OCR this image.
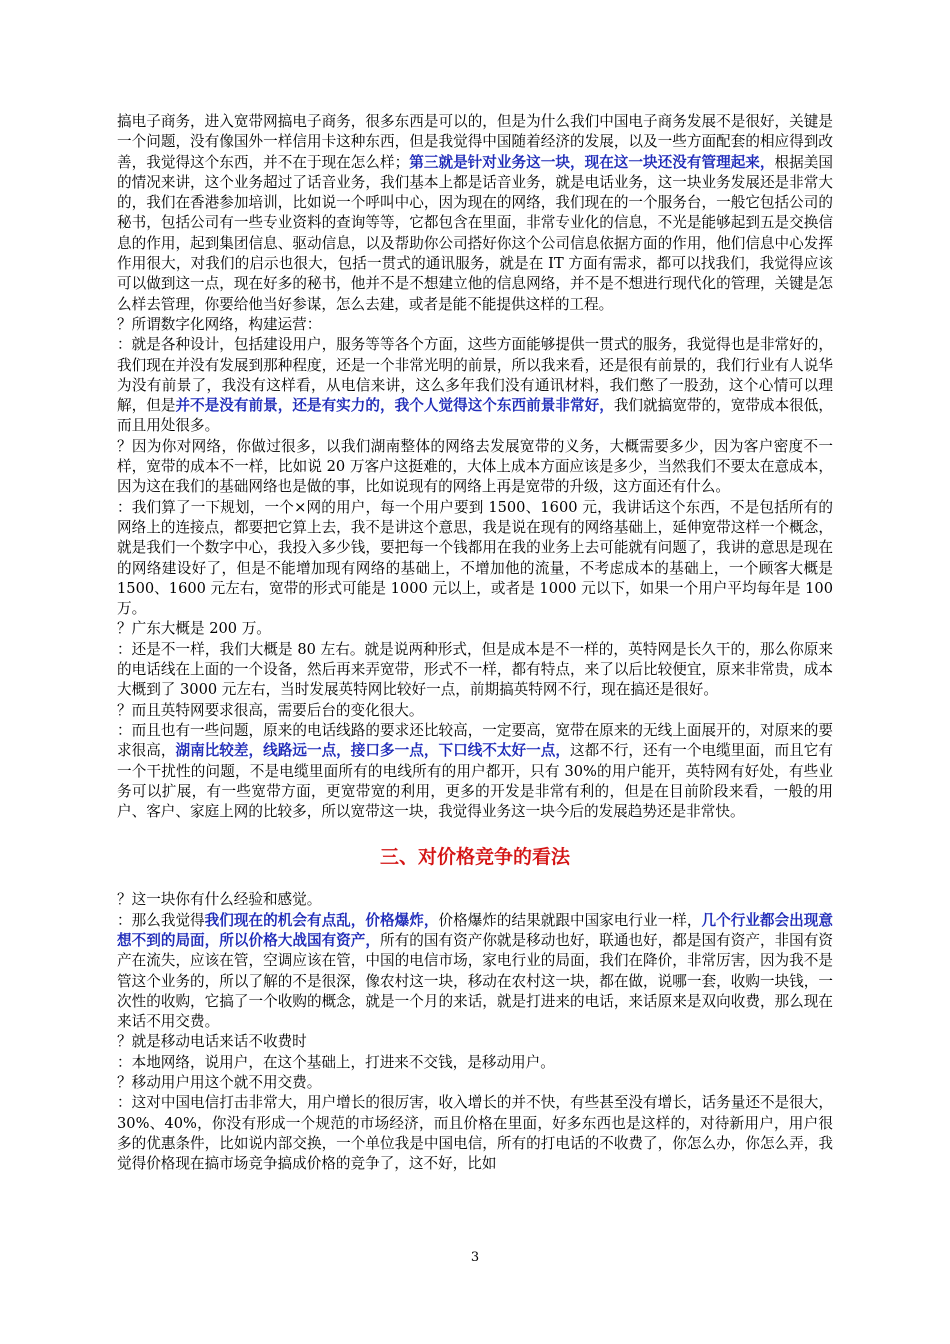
搞电子商务，进入宽带网搞电子商务，很多东西是可以的，但是为什么我们中国电子商务发展不是很好，关键是一个问题，没有像国外一样信用卡这种东西，但是我觉得中国随着经济的发展，以及一些方面配套的相应得到改善，我觉得这个东西，并不在于现在怎么样；第三就是针对业务这一块，现在这一块还没有管理起来，根据美国的情况来讲，这个业务超过了话音业务，我们基本上都是话音业务，就是电话业务，这一块业务发展还是非常大的，我们在香港参加培训，比如说一个呼叫中心，因为现在的网络，我们现在的一个服务台，一般它包括公司的秘书，包括公司有一些专业资料的查询等等，它都包含在里面，非常专业化的信息，不光是能够起到五是交换信息的作用，起到集团信息、驱动信息，以及帮助你公司搭好你这个公司信息依据方面的作用，他们信息中心发挥作用很大，对我们的启示也很大，包括一贯式的通讯服务，就是在 IT 方面有需求，都可以找我们，我觉得应该可以做到这一点，现在好多的秘书，他并不是不想建立他的信息网络，并不是不想进行现代化的管理，关键是怎么样去管理，你要给他当好参谋，怎么去建，或者是能不能提供这样的工程。

？所谓数字化网络，构建运营：

：就是各种设计，包括建设用户，服务等等各个方面，这些方面能够提供一贯式的服务，我觉得也是非常好的，我们现在并没有发展到那种程度，还是一个非常光明的前景，所以我来看，还是很有前景的，我们行业有人说华为没有前景了，我没有这样看，从电信来讲，这么多年我们没有通讯材料，我们憋了一股劲，这个心情可以理解，但是并不是没有前景，还是有实力的，我个人觉得这个东西前景非常好，我们就搞宽带的，宽带成本很低，而且用处很多。

？因为你对网络，你做过很多，以我们湖南整体的网络去发展宽带的义务，大概需要多少，因为客户密度不一样，宽带的成本不一样，比如说 20 万客户这挺难的，大体上成本方面应该是多少，当然我们不要太在意成本，因为这在我们的基础网络也是做的事，比如说现有的网络上再是宽带的升级，这方面还有什么。

：我们算了一下规划，一个×网的用户，每一个用户要到 1500、1600 元，我讲话这个东西，不是包括所有的网络上的连接点，都要把它算上去，我不是讲这个意思，我是说在现有的网络基础上，延伸宽带这样一个概念，就是我们一个数字中心，我投入多少钱，要把每一个钱都用在我的业务上去可能就有问题了，我讲的意思是现在的网络建设好了，但是不能增加现有网络的基础上，不增加他的流量，不考虑成本的基础上，一个顾客大概是 1500、1600 元左右，宽带的形式可能是 1000 元以上，或者是 1000 元以下，如果一个用户平均每年是 100 万。

？广东大概是 200 万。

：还是不一样，我们大概是 80 左右。就是说两种形式，但是成本是不一样的，英特网是长久干的，那么你原来的电话线在上面的一个设备，然后再来弄宽带，形式不一样，都有特点，来了以后比较便宜，原来非常贵，成本大概到了 3000 元左右，当时发展英特网比较好一点，前期搞英特网不行，现在搞还是很好。

？而且英特网要求很高，需要后台的变化很大。

：而且也有一些问题，原来的电话线路的要求还比较高，一定要高，宽带在原来的无线上面展开的，对原来的要求很高，湖南比较差，线路远一点，接口多一点，下口线不太好一点，这都不行，还有一个电缆里面，而且它有一个干扰性的问题，不是电缆里面所有的电线所有的用户都开，只有 30%的用户能开，英特网有好处，有些业务可以扩展，有一些宽带方面，更宽带宽的利用，更多的开发是非常有利的，但是在目前阶段来看，一般的用户、客户、家庭上网的比较多，所以宽带这一块，我觉得业务这一块今后的发展趋势还是非常快。

三、对价格竞争的看法

？这一块你有什么经验和感觉。

：那么我觉得我们现在的机会有点乱，价格爆炸，价格爆炸的结果就跟中国家电行业一样，几个行业都会出现意想不到的局面，所以价格大战国有资产，所有的国有资产你就是移动也好，联通也好，都是国有资产，非国有资产在流失，应该在管，空调应该在管，中国的电信市场，家电行业的局面，我们在降价，非常厉害，因为我不是管这个业务的，所以了解的不是很深，像农村这一块，移动在农村这一块，都在做，说哪一套，收购一块钱，一次性的收购，它搞了一个收购的概念，就是一个月的来话，就是打进来的电话，来话原来是双向收费，那么现在来话不用交费。

？就是移动电话来话不收费时

：本地网络，说用户，在这个基础上，打进来不交钱，是移动用户。

？移动用户用这个就不用交费。

：这对中国电信打击非常大，用户增长的很厉害，收入增长的并不快，有些甚至没有增长，话务量还不是很大，30%、40%，你没有形成一个规范的市场经济，而且价格在里面，好多东西也是这样的，对待新用户，用户很多的优惠条件，比如说内部交换，一个单位我是中国电信，所有的打电话的不收费了，你怎么办，你怎么弄，我觉得价格现在搞市场竞争搞成价格的竞争了，这不好，比如

3
